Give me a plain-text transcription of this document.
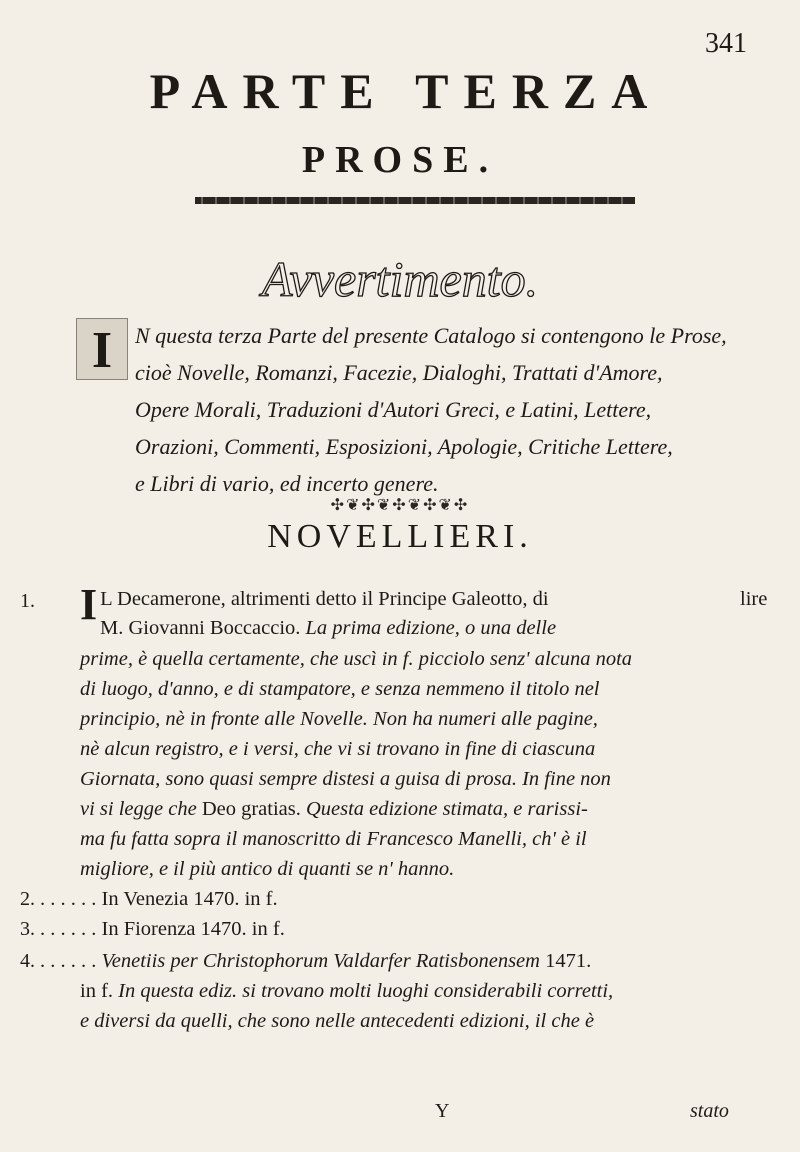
341
PARTE TERZA
PROSE.
Avvertimento.
I	N questa terza Parte del presente Catalogo si contengono le Prose,
cioè Novelle, Romanzi, Facezie, Dialoghi, Trattati d'Amore,
Opere Morali, Traduzioni d'Autori Greci, e Latini, Lettere,
Orazioni, Commenti, Esposizioni, Apologie, Critiche Lettere,
e Libri di vario, ed incerto genere.
✣❦✣❦✣❦✣❦✣
NOVELLIERI.
1. I L Decamerone, altrimenti detto il Principe Galeotto, di	lire
M. Giovanni Boccaccio. La prima edizione, o una delle
prime, è quella certamente, che uscì in f. picciolo senz' alcuna nota
di luogo, d'anno, e di stampatore, e senza nemmeno il titolo nel
principio, nè in fronte alle Novelle. Non ha numeri alle pagine,
nè alcun registro, e i versi, che vi si trovano in fine di ciascuna
Giornata, sono quasi sempre distesi a guisa di prosa. In fine non
vi si legge che Deo gratias. Questa edizione stimata, e rarissi-
ma fu fatta sopra il manoscritto di Francesco Manelli, ch' è il
migliore, e il più antico di quanti se n' hanno.
2. . . . . . . In Venezia 1470. in f.
3. . . . . . . In Fiorenza 1470. in f.
4. . . . . . . Venetiis per Christophorum Valdarfer Ratisbonensem 1471.
in f. In questa ediz. si trovano molti luoghi considerabili corretti,
e diversi da quelli, che sono nelle antecedenti edizioni, il che è
Y	stato
